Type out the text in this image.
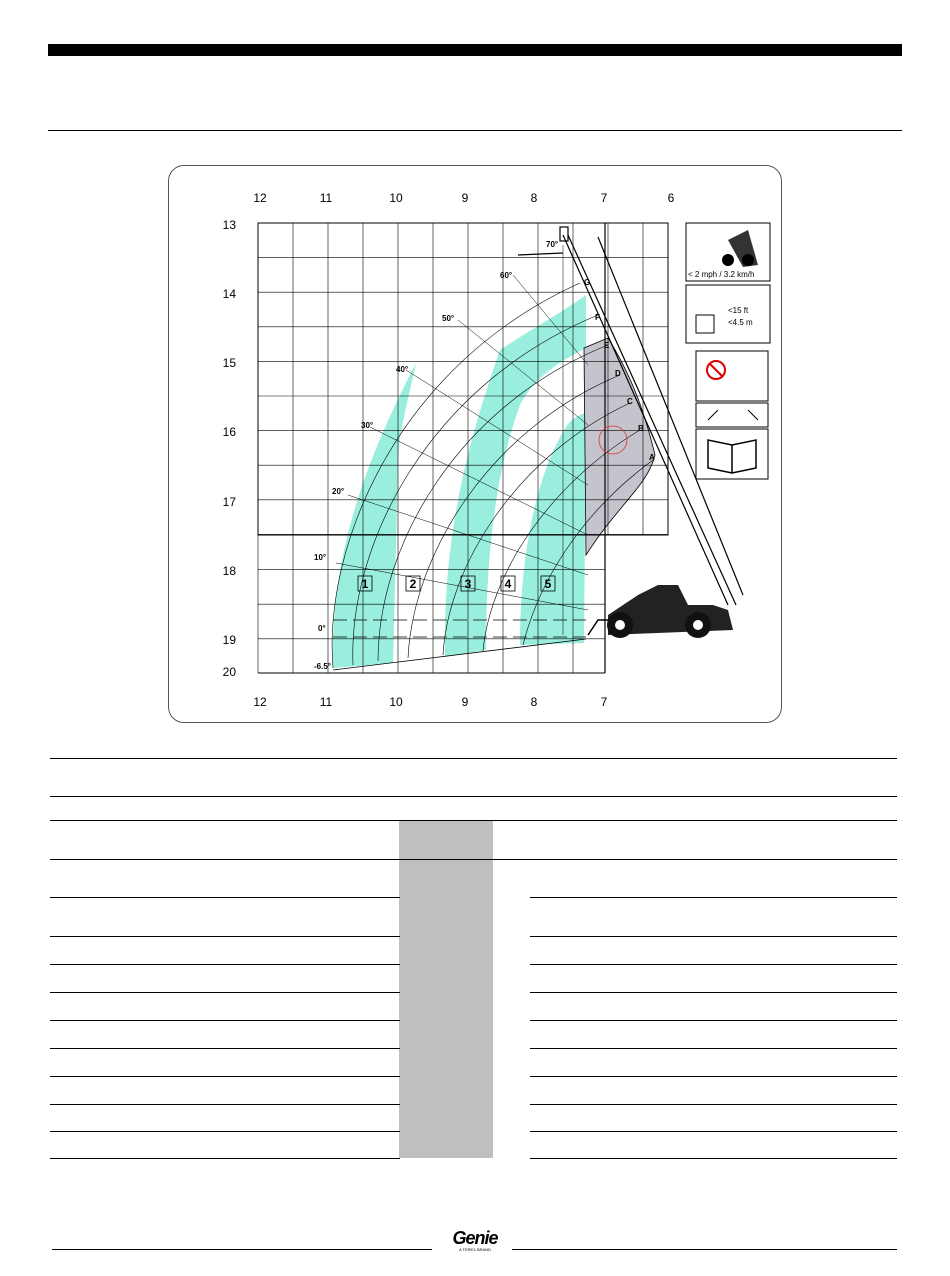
12	11	10	9	8	7	6
12	11	10	9	8	7
13
14
15
16
17
18
19
20
< 2 mph / 3.2 km/h
<15 ft
<4.5 m
70°
60°
50°
40°
30°
20°
10°
0°
-6.5°
G
F
E
D
C
B
A
1	2	3	4	5
Genie
A TEREX BRAND
